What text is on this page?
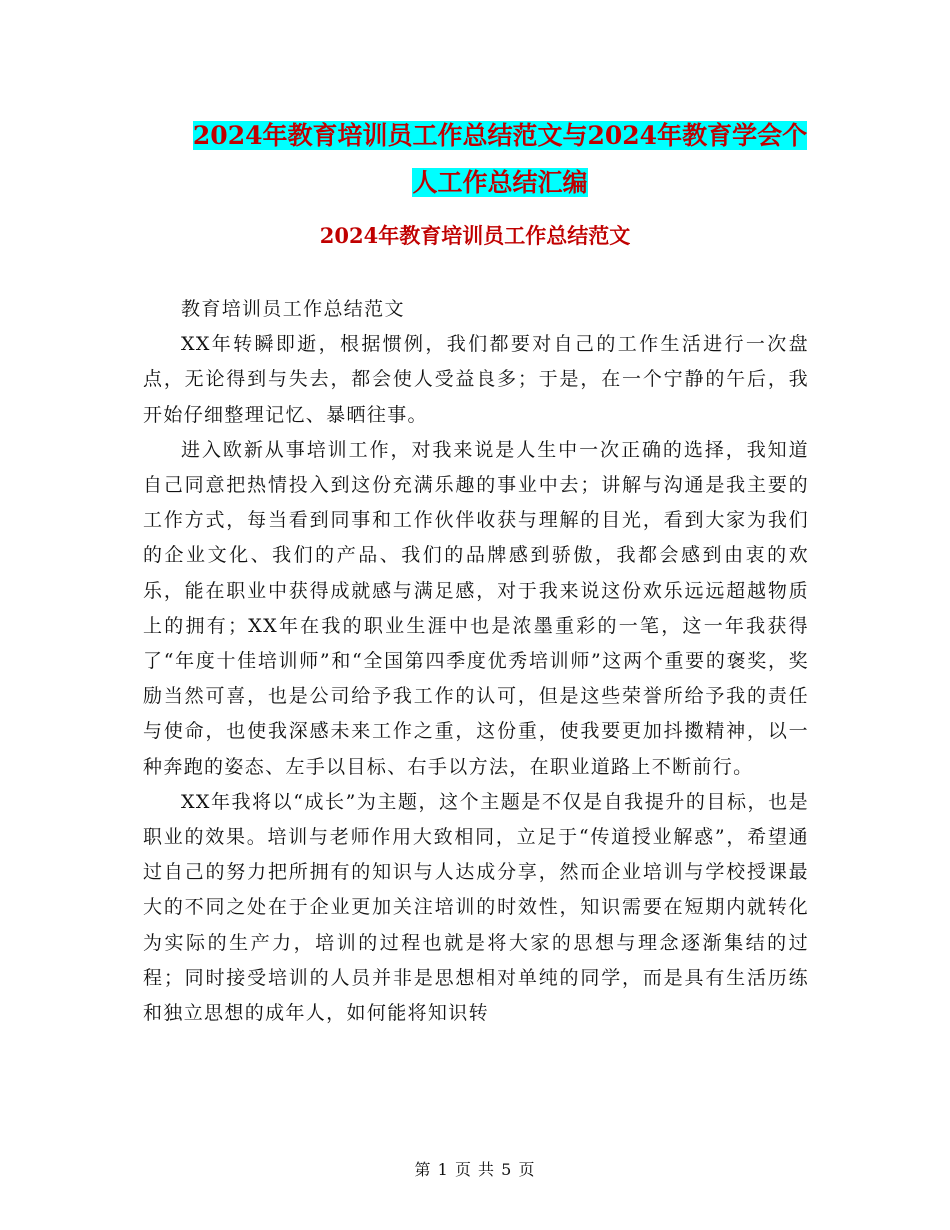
2024年教育培训员工作总结范文与2024年教育学会个
人工作总结汇编
2024年教育培训员工作总结范文

教育培训员工作总结范文

XX年转瞬即逝，根据惯例，我们都要对自己的工作生活进行一次盘点，无论得到与失去，都会使人受益良多；于是，在一个宁静的午后，我开始仔细整理记忆、暴晒往事。

进入欧新从事培训工作，对我来说是人生中一次正确的选择，我知道自己同意把热情投入到这份充满乐趣的事业中去；讲解与沟通是我主要的工作方式，每当看到同事和工作伙伴收获与理解的目光，看到大家为我们的企业文化、我们的产品、我们的品牌感到骄傲，我都会感到由衷的欢乐，能在职业中获得成就感与满足感，对于我来说这份欢乐远远超越物质上的拥有；XX年在我的职业生涯中也是浓墨重彩的一笔，这一年我获得了“年度十佳培训师”和“全国第四季度优秀培训师”这两个重要的褒奖，奖励当然可喜，也是公司给予我工作的认可，但是这些荣誉所给予我的责任与使命，也使我深感未来工作之重，这份重，使我要更加抖擞精神，以一种奔跑的姿态、左手以目标、右手以方法，在职业道路上不断前行。

XX年我将以“成长”为主题，这个主题是不仅是自我提升的目标，也是职业的效果。培训与老师作用大致相同，立足于“传道授业解惑”，希望通过自己的努力把所拥有的知识与人达成分享，然而企业培训与学校授课最大的不同之处在于企业更加关注培训的时效性，知识需要在短期内就转化为实际的生产力，培训的过程也就是将大家的思想与理念逐渐集结的过程；同时接受培训的人员并非是思想相对单纯的同学，而是具有生活历练和独立思想的成年人，如何能将知识转

第 1 页 共 5 页
